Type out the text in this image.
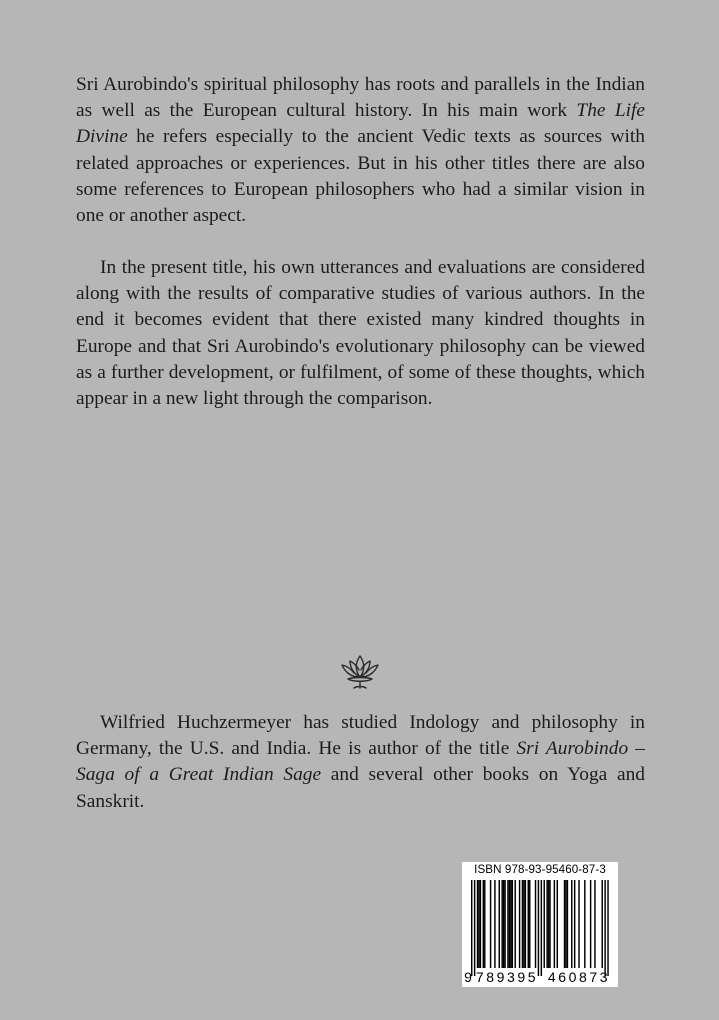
Sri Aurobindo's spiritual philosophy has roots and parallels in the Indian as well as the European cultural history. In his main work The Life Divine he refers especially to the ancient Vedic texts as sources with related approaches or experiences. But in his other titles there are also some references to European philosophers who had a similar vision in one or another aspect.

In the present title, his own utterances and evaluations are considered along with the results of comparative studies of various authors. In the end it becomes evident that there existed many kindred thoughts in Europe and that Sri Aurobindo's evolutionary philosophy can be viewed as a further development, or fulfilment, of some of these thoughts, which appear in a new light through the comparison.

Wilfried Huchzermeyer has studied Indology and philosophy in Germany, the U.S. and India. He is author of the title Sri Aurobindo – Saga of a Great Indian Sage and several other books on Yoga and Sanskrit.

ISBN 978-93-95460-87-3
9 789395 460873
